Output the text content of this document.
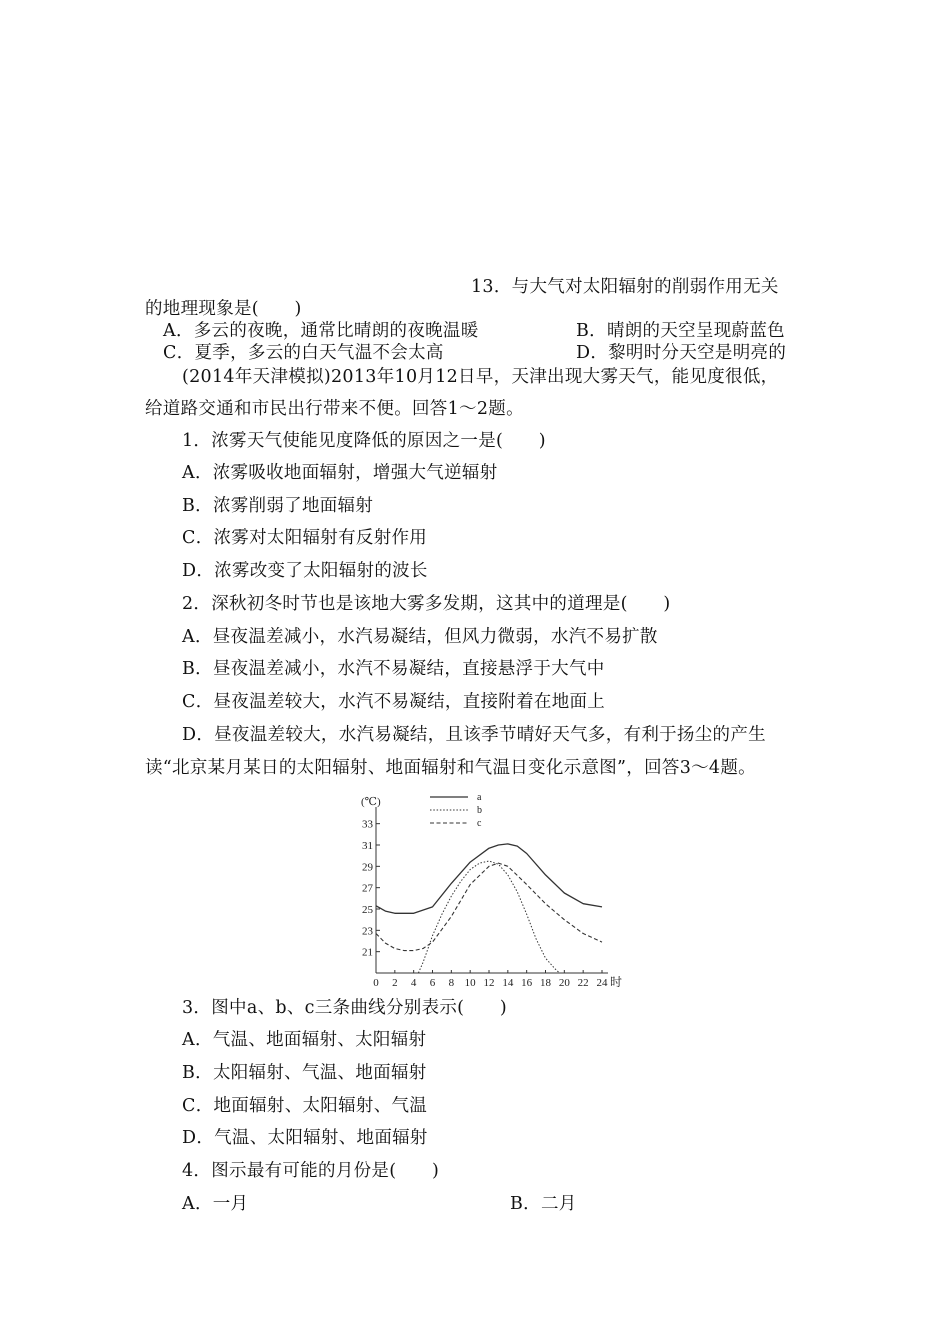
13．与大气对太阳辐射的削弱作用无关
的地理现象是(　　)
A．多云的夜晚，通常比晴朗的夜晚温暖	B．晴朗的天空呈现蔚蓝色
C．夏季，多云的白天气温不会太高	D．黎明时分天空是明亮的
(2014年天津模拟)2013年10月12日早，天津出现大雾天气，能见度很低，
给道路交通和市民出行带来不便。回答1～2题。
1．浓雾天气使能见度降低的原因之一是(　　)
A．浓雾吸收地面辐射，增强大气逆辐射
B．浓雾削弱了地面辐射
C．浓雾对太阳辐射有反射作用
D．浓雾改变了太阳辐射的波长
2．深秋初冬时节也是该地大雾多发期，这其中的道理是(　　)
A．昼夜温差减小，水汽易凝结，但风力微弱，水汽不易扩散
B．昼夜温差减小，水汽不易凝结，直接悬浮于大气中
C．昼夜温差较大，水汽不易凝结，直接附着在地面上
D．昼夜温差较大，水汽易凝结，且该季节晴好天气多，有利于扬尘的产生
读“北京某月某日的太阳辐射、地面辐射和气温日变化示意图”，回答3～4题。
21
23
25
27
29
31
33
0 2 4 6 8 10 12 14 16 18 20 22 24
(℃)
时
a
b
c
3．图中a、b、c三条曲线分别表示(　　)
A．气温、地面辐射、太阳辐射
B．太阳辐射、气温、地面辐射
C．地面辐射、太阳辐射、气温
D．气温、太阳辐射、地面辐射
4．图示最有可能的月份是(　　)
A．一月	B．二月
